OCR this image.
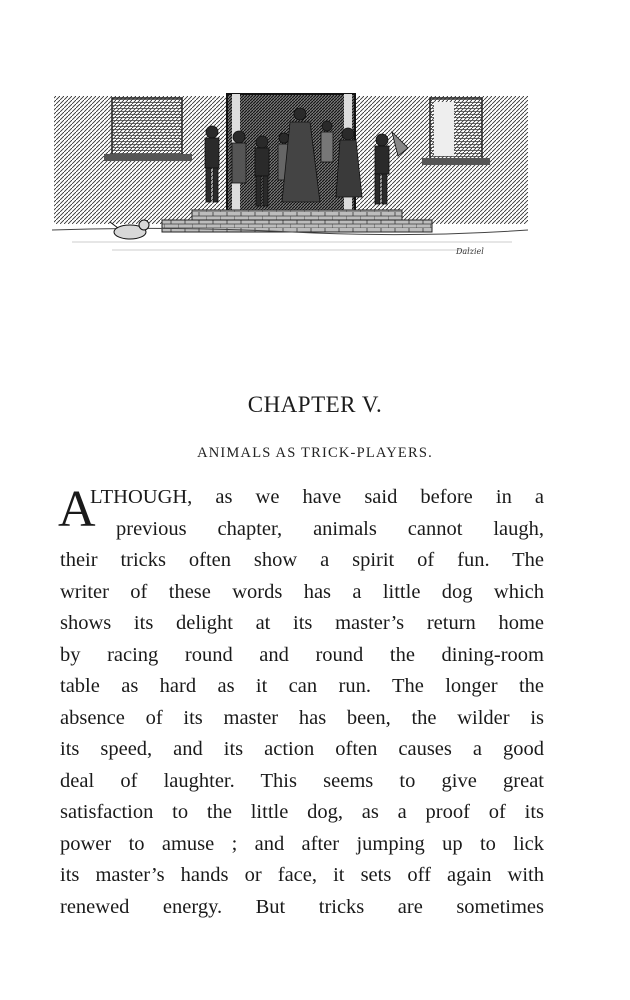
Dalziel
CHAPTER V.
ANIMALS AS TRICK-PLAYERS.
A
LTHOUGH, as we have said before in a
previous chapter, animals cannot laugh,
their tricks often show a spirit of fun. The
writer of these words has a little dog which
shows its delight at its master’s return home
by racing round and round the dining-room
table as hard as it can run. The longer the
absence of its master has been, the wilder is
its speed, and its action often causes a good
deal of laughter. This seems to give great
satisfaction to the little dog, as a proof of its
power to amuse ; and after jumping up to lick
its master’s hands or face, it sets off again with
renewed energy. But tricks are sometimes
